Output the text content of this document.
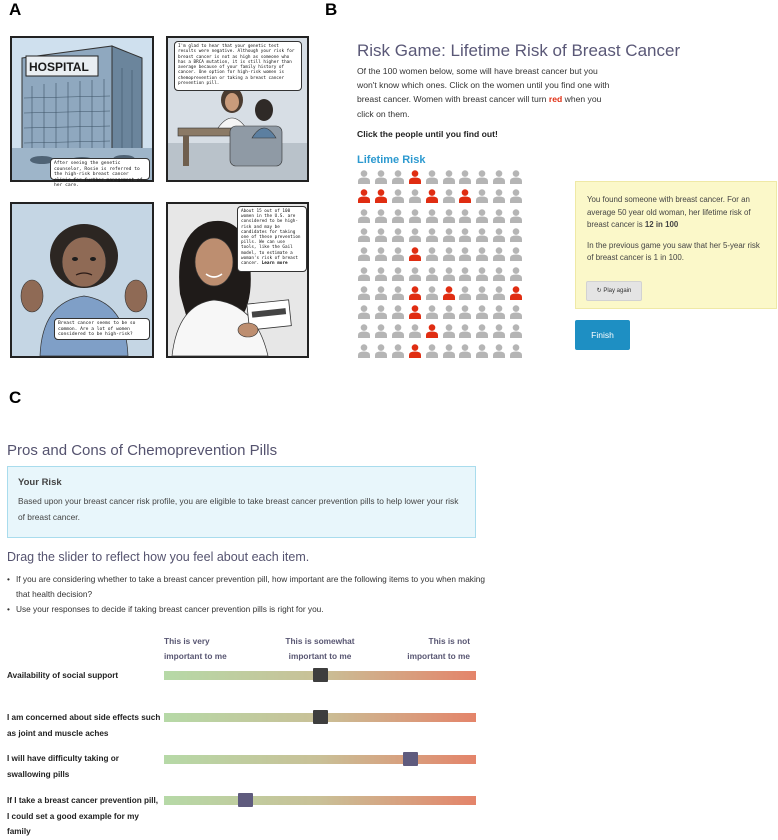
A	B
C
HOSPITAL
After seeing the genetic counselor, Rosie is referred to the high-risk breast cancer clinic for further management of her care.
I'm glad to hear that your genetic test results were negative. Although your risk for breast cancer is not as high as someone who has a BRCA mutation, it is still higher than average because of your family history of cancer. One option for high-risk women is chemoprevention or taking a breast cancer prevention pill.
Breast cancer seems to be so common. Are a lot of women considered to be high-risk?
About 15 out of 100 women in the U.S. are considered to be high-risk and may be candidates for taking one of these prevention pills. We can use tools, like the Gail model, to estimate a woman's risk of breast cancer. Learn more
Risk Game: Lifetime Risk of Breast Cancer
Of the 100 women below, some will have breast cancer but you won't know which ones. Click on the women until you find one with breast cancer. Women with breast cancer will turn red when you click on them.
Click the people until you find out!
Lifetime Risk

You found someone with breast cancer. For an average 50 year old woman, her lifetime risk of breast cancer is 12 in 100

In the previous game you saw that her 5-year risk of breast cancer is 1 in 100.

↻ Play again
Finish
Pros and Cons of Chemoprevention Pills
Your Risk
Based upon your breast cancer risk profile, you are eligible to take breast cancer prevention pills to help lower your risk of breast cancer.
Drag the slider to reflect how you feel about each item.
• If you are considering whether to take a breast cancer prevention pill, how important are the following items to you when making that health decision?
• Use your responses to decide if taking breast cancer prevention pills is right for you.
This is very
important to me
This is somewhat
important to me
This is not
important to me
Availability of social support
I am concerned about side effects such as joint and muscle aches
I will have difficulty taking or swallowing pills
If I take a breast cancer prevention pill, I could set a good example for my family
